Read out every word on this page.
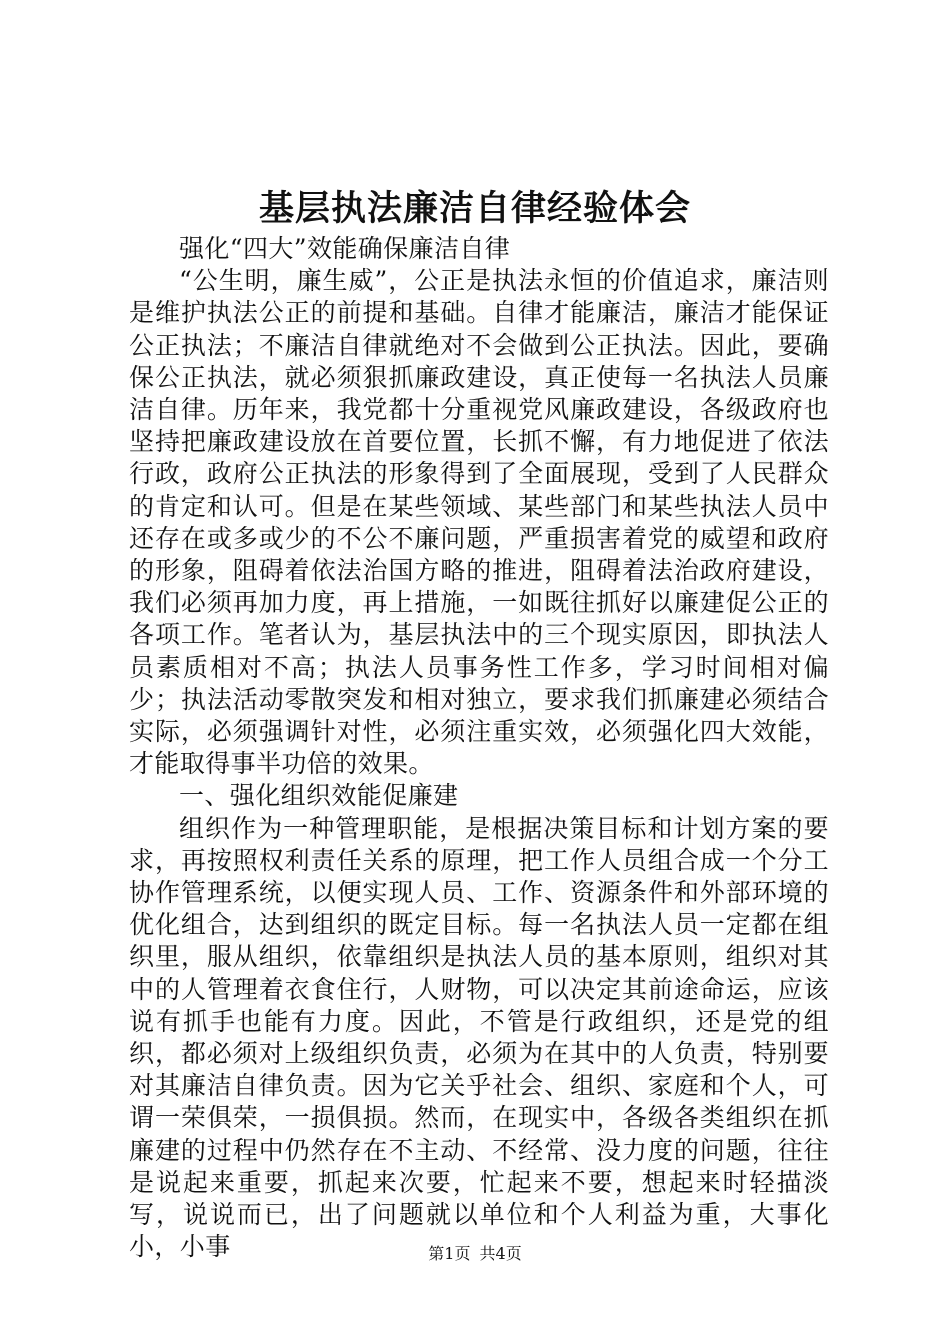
基层执法廉洁自律经验体会

强化“四大”效能确保廉洁自律

“公生明，廉生威”，公正是执法永恒的价值追求，廉洁则是维护执法公正的前提和基础。自律才能廉洁，廉洁才能保证公正执法；不廉洁自律就绝对不会做到公正执法。因此，要确保公正执法，就必须狠抓廉政建设，真正使每一名执法人员廉洁自律。历年来，我党都十分重视党风廉政建设，各级政府也坚持把廉政建设放在首要位置，长抓不懈，有力地促进了依法行政，政府公正执法的形象得到了全面展现，受到了人民群众的肯定和认可。但是在某些领域、某些部门和某些执法人员中还存在或多或少的不公不廉问题，严重损害着党的威望和政府的形象，阻碍着依法治国方略的推进，阻碍着法治政府建设，我们必须再加力度，再上措施，一如既往抓好以廉建促公正的各项工作。笔者认为，基层执法中的三个现实原因，即执法人员素质相对不高；执法人员事务性工作多，学习时间相对偏少；执法活动零散突发和相对独立，要求我们抓廉建必须结合实际，必须强调针对性，必须注重实效，必须强化四大效能，才能取得事半功倍的效果。

一、强化组织效能促廉建

组织作为一种管理职能，是根据决策目标和计划方案的要求，再按照权利责任关系的原理，把工作人员组合成一个分工协作管理系统，以便实现人员、工作、资源条件和外部环境的优化组合，达到组织的既定目标。每一名执法人员一定都在组织里，服从组织，依靠组织是执法人员的基本原则，组织对其中的人管理着衣食住行，人财物，可以决定其前途命运，应该说有抓手也能有力度。因此，不管是行政组织，还是党的组织，都必须对上级组织负责，必须为在其中的人负责，特别要对其廉洁自律负责。因为它关乎社会、组织、家庭和个人，可谓一荣俱荣，一损俱损。然而，在现实中，各级各类组织在抓廉建的过程中仍然存在不主动、不经常、没力度的问题，往往是说起来重要，抓起来次要，忙起来不要，想起来时轻描淡写，说说而已，出了问题就以单位和个人利益为重，大事化小，小事	第1页 共4页
